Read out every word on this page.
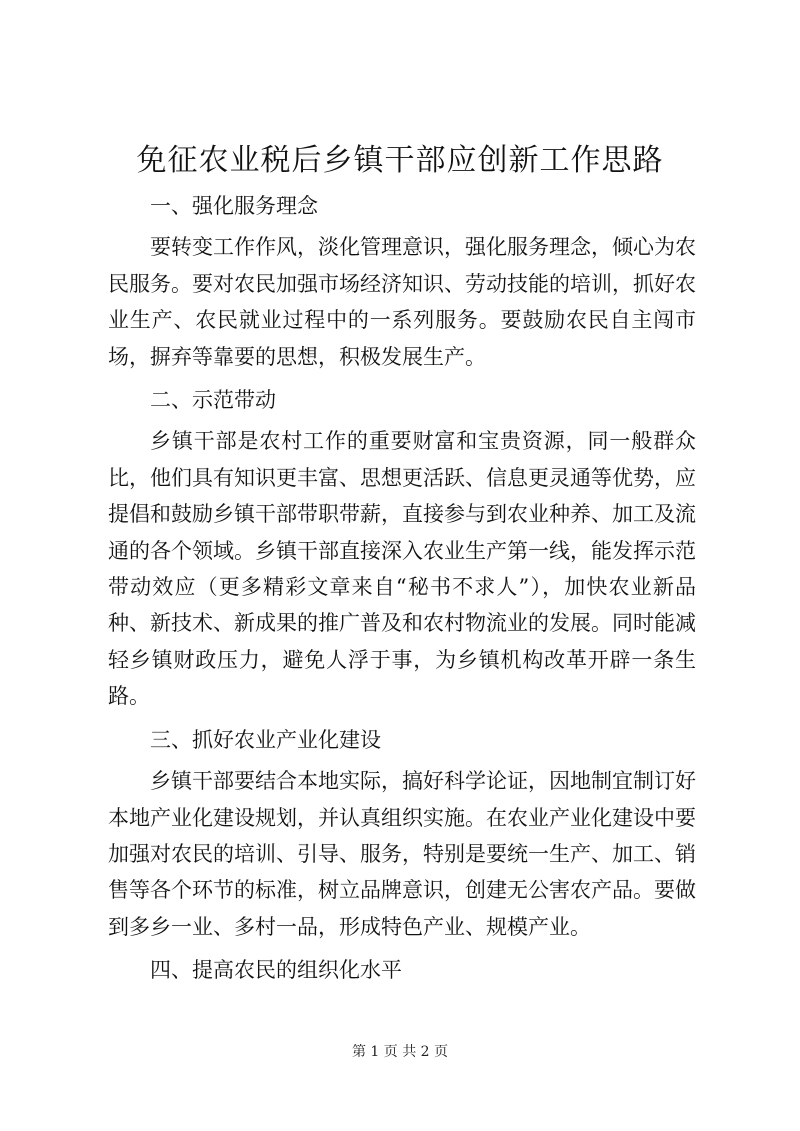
免征农业税后乡镇干部应创新工作思路

一、强化服务理念

要转变工作作风，淡化管理意识，强化服务理念，倾心为农民服务。要对农民加强市场经济知识、劳动技能的培训，抓好农业生产、农民就业过程中的一系列服务。要鼓励农民自主闯市场，摒弃等靠要的思想，积极发展生产。

二、示范带动

乡镇干部是农村工作的重要财富和宝贵资源，同一般群众比，他们具有知识更丰富、思想更活跃、信息更灵通等优势，应提倡和鼓励乡镇干部带职带薪，直接参与到农业种养、加工及流通的各个领域。乡镇干部直接深入农业生产第一线，能发挥示范带动效应（更多精彩文章来自“秘书不求人”），加快农业新品种、新技术、新成果的推广普及和农村物流业的发展。同时能减轻乡镇财政压力，避免人浮于事，为乡镇机构改革开辟一条生路。

三、抓好农业产业化建设

乡镇干部要结合本地实际，搞好科学论证，因地制宜制订好本地产业化建设规划，并认真组织实施。在农业产业化建设中要加强对农民的培训、引导、服务，特别是要统一生产、加工、销售等各个环节的标准，树立品牌意识，创建无公害农产品。要做到多乡一业、多村一品，形成特色产业、规模产业。

四、提高农民的组织化水平

第 1 页 共 2 页
